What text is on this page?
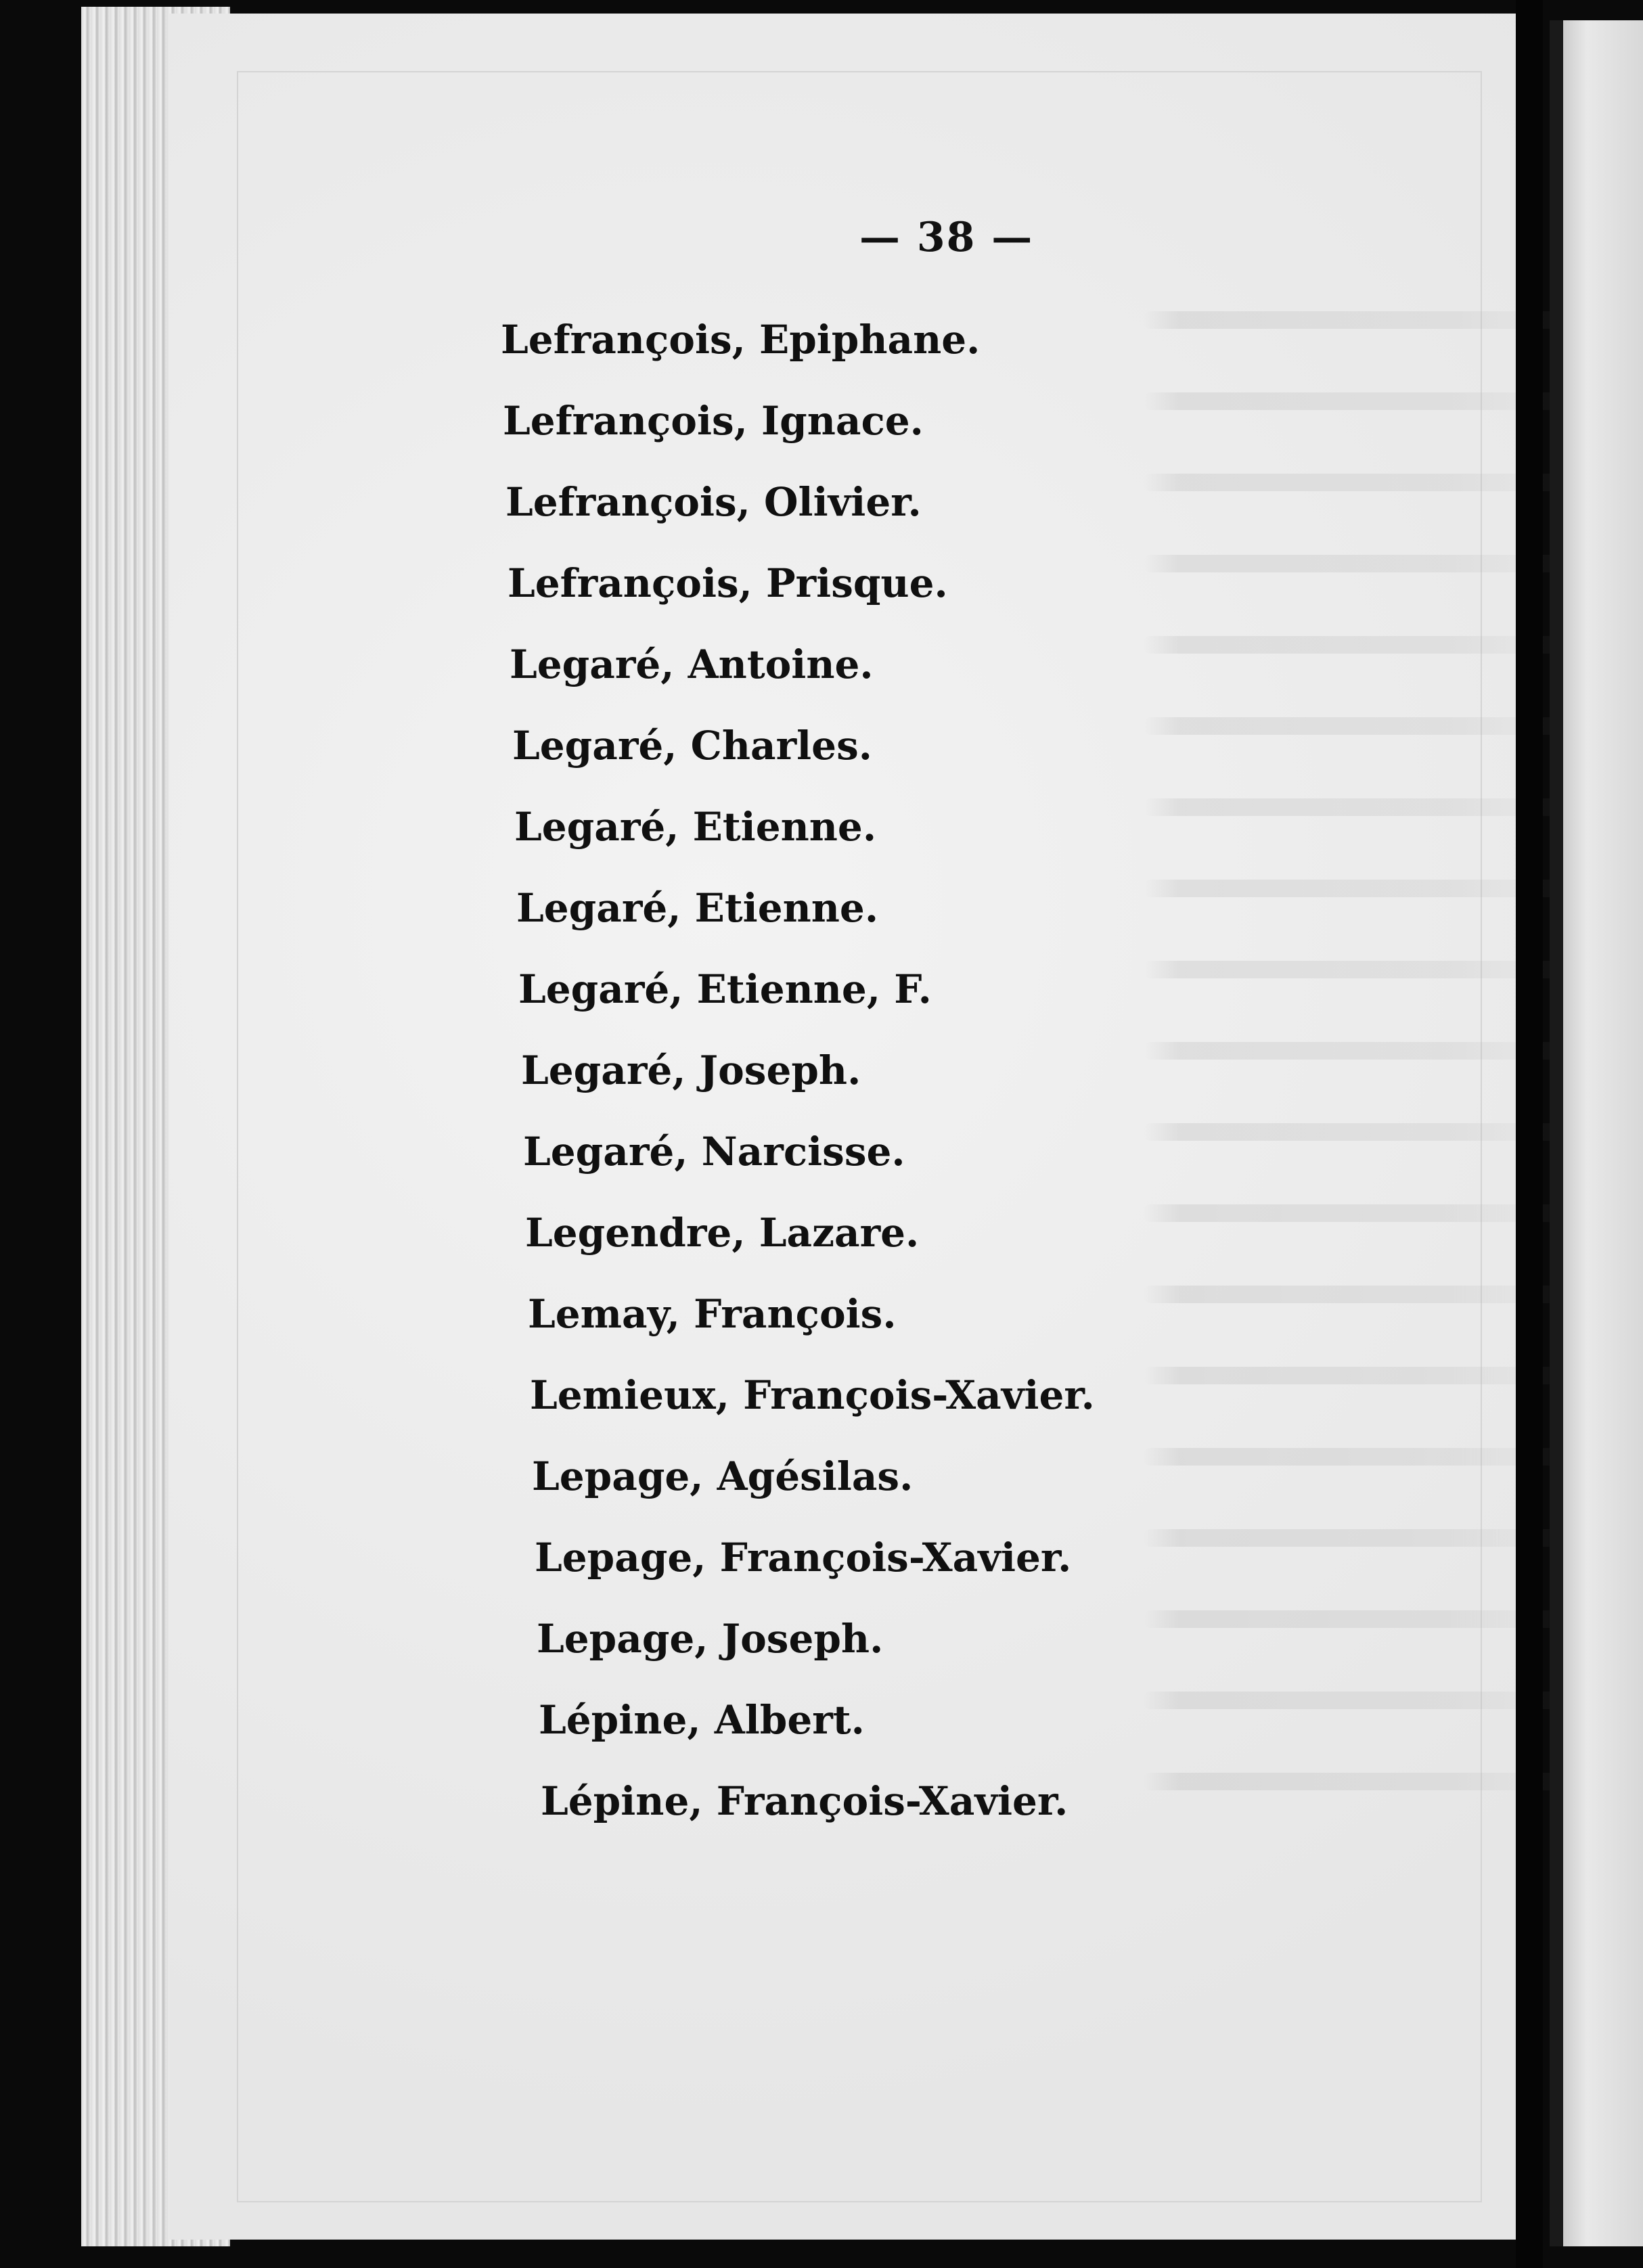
— 38 —
Lefrançois, Epiphane.
Lefrançois, Ignace.
Lefrançois, Olivier.
Lefrançois, Prisque.
Legaré, Antoine.
Legaré, Charles.
Legaré, Etienne.
Legaré, Etienne.
Legaré, Etienne, F.
Legaré, Joseph.
Legaré, Narcisse.
Legendre, Lazare.
Lemay, François.
Lemieux, François-Xavier.
Lepage, Agésilas.
Lepage, François-Xavier.
Lepage, Joseph.
Lépine, Albert.
Lépine, François-Xavier.
